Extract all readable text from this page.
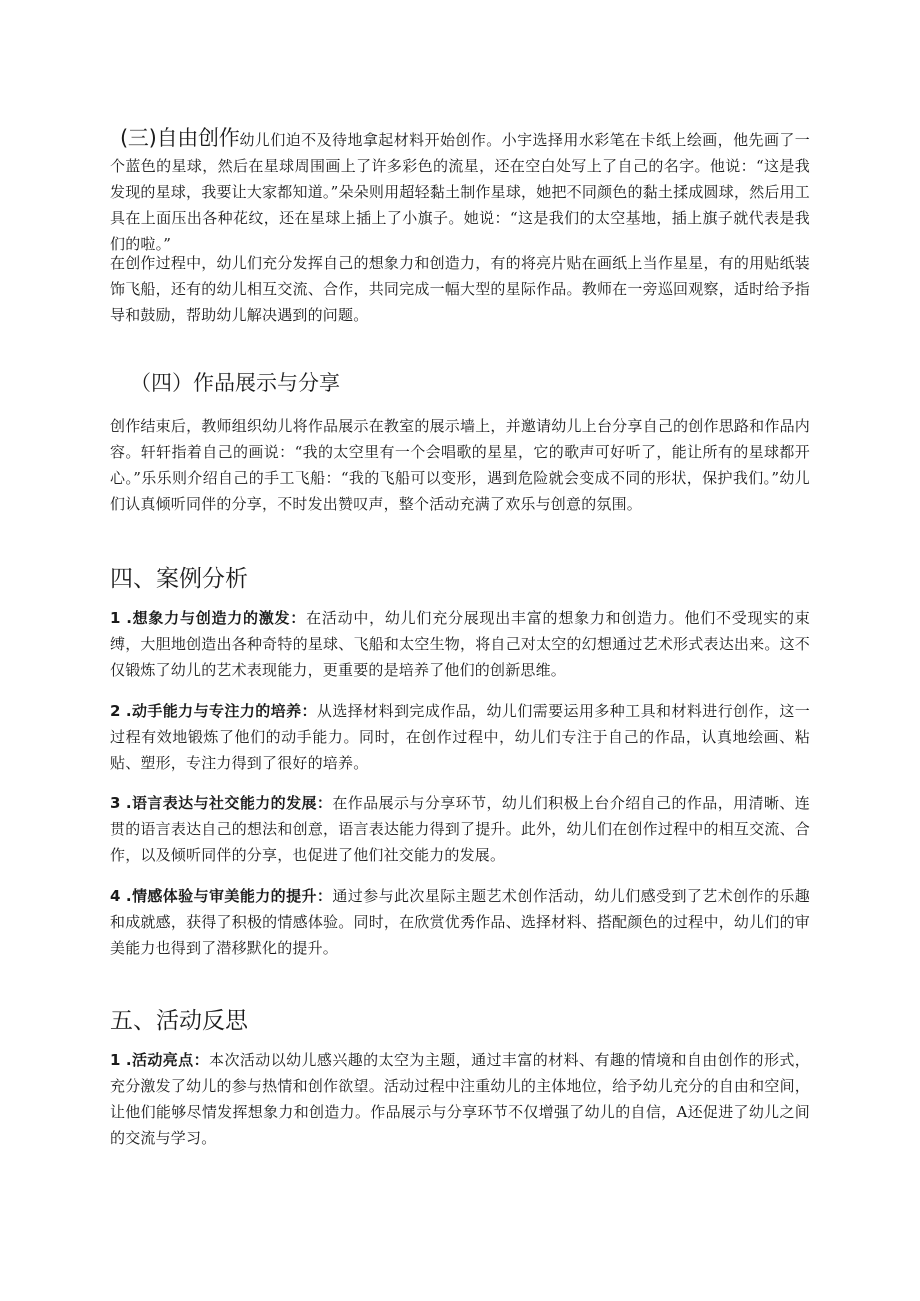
(三)自由创作幼儿们迫不及待地拿起材料开始创作。小宇选择用水彩笔在卡纸上绘画，他先画了一个蓝色的星球，然后在星球周围画上了许多彩色的流星，还在空白处写上了自己的名字。他说：“这是我发现的星球，我要让大家都知道。”朵朵则用超轻黏土制作星球，她把不同颜色的黏土揉成圆球，然后用工具在上面压出各种花纹，还在星球上插上了小旗子。她说：“这是我们的太空基地，插上旗子就代表是我们的啦。”

在创作过程中，幼儿们充分发挥自己的想象力和创造力，有的将亮片贴在画纸上当作星星，有的用贴纸装饰飞船，还有的幼儿相互交流、合作，共同完成一幅大型的星际作品。教师在一旁巡回观察，适时给予指导和鼓励，帮助幼儿解决遇到的问题。

（四）作品展示与分享

创作结束后，教师组织幼儿将作品展示在教室的展示墙上，并邀请幼儿上台分享自己的创作思路和作品内容。轩轩指着自己的画说：“我的太空里有一个会唱歌的星星，它的歌声可好听了，能让所有的星球都开心。”乐乐则介绍自己的手工飞船：“我的飞船可以变形，遇到危险就会变成不同的形状，保护我们。”幼儿们认真倾听同伴的分享，不时发出赞叹声，整个活动充满了欢乐与创意的氛围。

四、案例分析

1 .想象力与创造力的激发：在活动中，幼儿们充分展现出丰富的想象力和创造力。他们不受现实的束缚，大胆地创造出各种奇特的星球、飞船和太空生物，将自己对太空的幻想通过艺术形式表达出来。这不仅锻炼了幼儿的艺术表现能力，更重要的是培养了他们的创新思维。

2 .动手能力与专注力的培养：从选择材料到完成作品，幼儿们需要运用多种工具和材料进行创作，这一过程有效地锻炼了他们的动手能力。同时，在创作过程中，幼儿们专注于自己的作品，认真地绘画、粘贴、塑形，专注力得到了很好的培养。

3 .语言表达与社交能力的发展：在作品展示与分享环节，幼儿们积极上台介绍自己的作品，用清晰、连贯的语言表达自己的想法和创意，语言表达能力得到了提升。此外，幼儿们在创作过程中的相互交流、合作，以及倾听同伴的分享，也促进了他们社交能力的发展。

4 .情感体验与审美能力的提升：通过参与此次星际主题艺术创作活动，幼儿们感受到了艺术创作的乐趣和成就感，获得了积极的情感体验。同时，在欣赏优秀作品、选择材料、搭配颜色的过程中，幼儿们的审美能力也得到了潜移默化的提升。

五、活动反思

1 .活动亮点：本次活动以幼儿感兴趣的太空为主题，通过丰富的材料、有趣的情境和自由创作的形式，充分激发了幼儿的参与热情和创作欲望。活动过程中注重幼儿的主体地位，给予幼儿充分的自由和空间，让他们能够尽情发挥想象力和创造力。作品展示与分享环节不仅增强了幼儿的自信，A还促进了幼儿之间的交流与学习。
